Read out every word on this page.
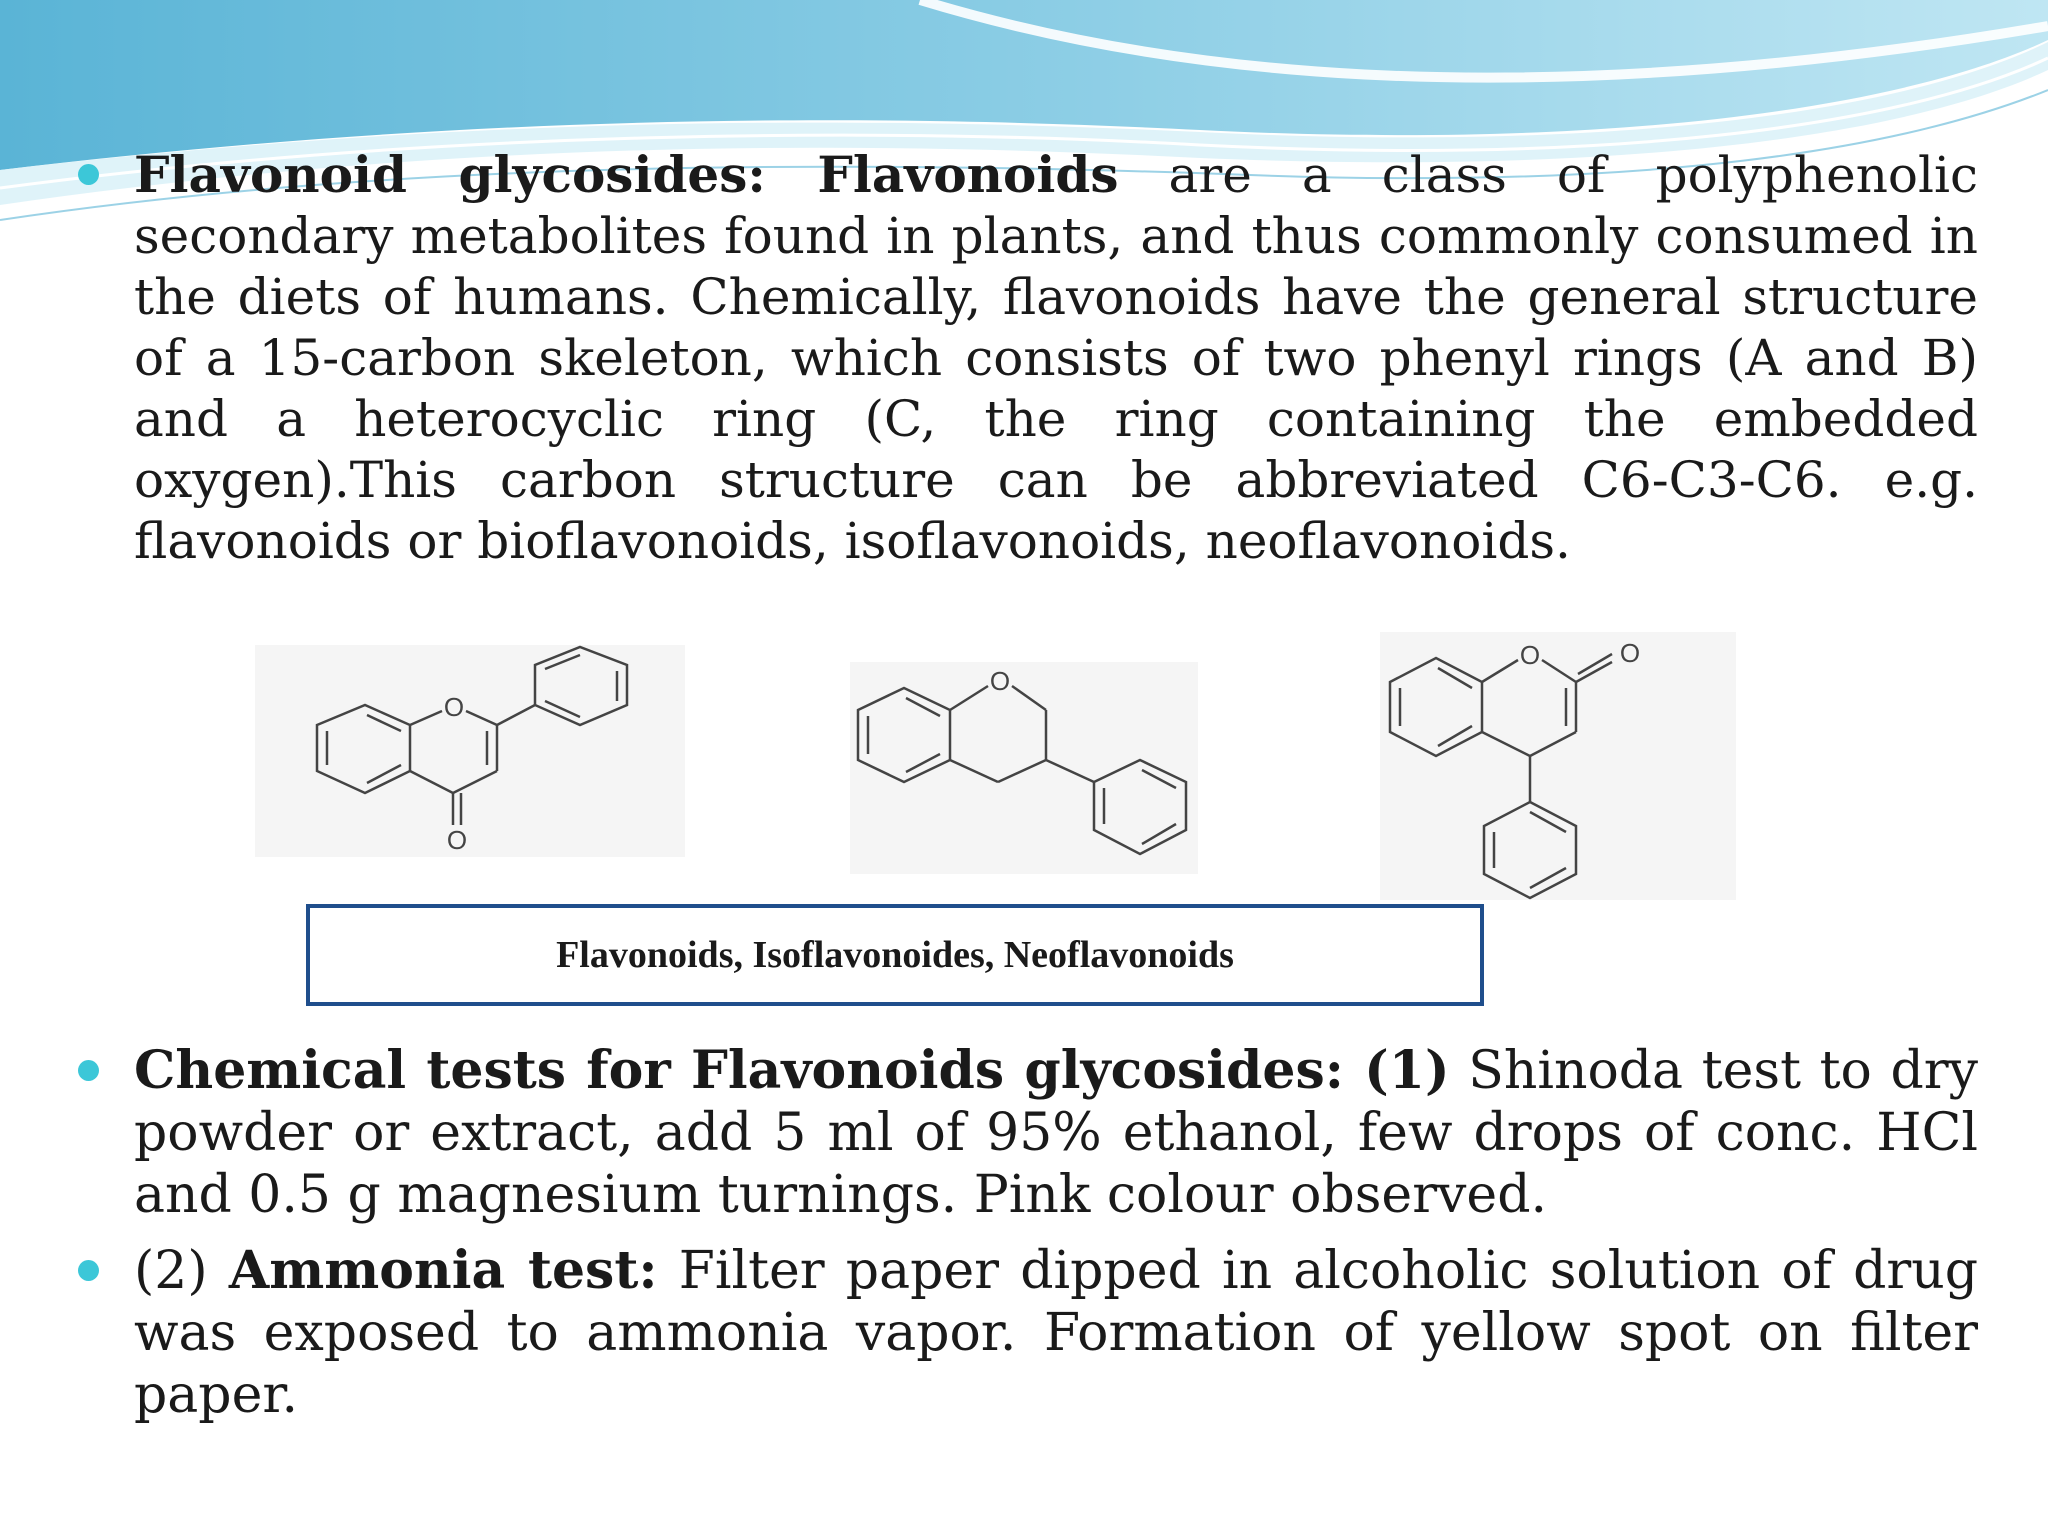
Flavonoid glycosides: Flavonoids are a class of polyphenolic secondary metabolites found in plants, and thus commonly consumed in the diets of humans. Chemically, flavonoids have the general structure of a 15-carbon skeleton, which consists of two phenyl rings (A and B) and a heterocyclic ring (C, the ring containing the embedded oxygen).This carbon structure can be abbreviated C6-C3-C6. e.g. flavonoids or bioflavonoids, isoflavonoids, neoflavonoids.
O
O
O
O	O
Flavonoids, Isoflavonoides, Neoflavonoids
Chemical tests for Flavonoids glycosides: (1) Shinoda test to dry powder or extract, add 5 ml of 95% ethanol, few drops of conc. HCl and 0.5 g magnesium turnings. Pink colour observed.
(2) Ammonia test: Filter paper dipped in alcoholic solution of drug was exposed to ammonia vapor. Formation of yellow spot on filter paper.
